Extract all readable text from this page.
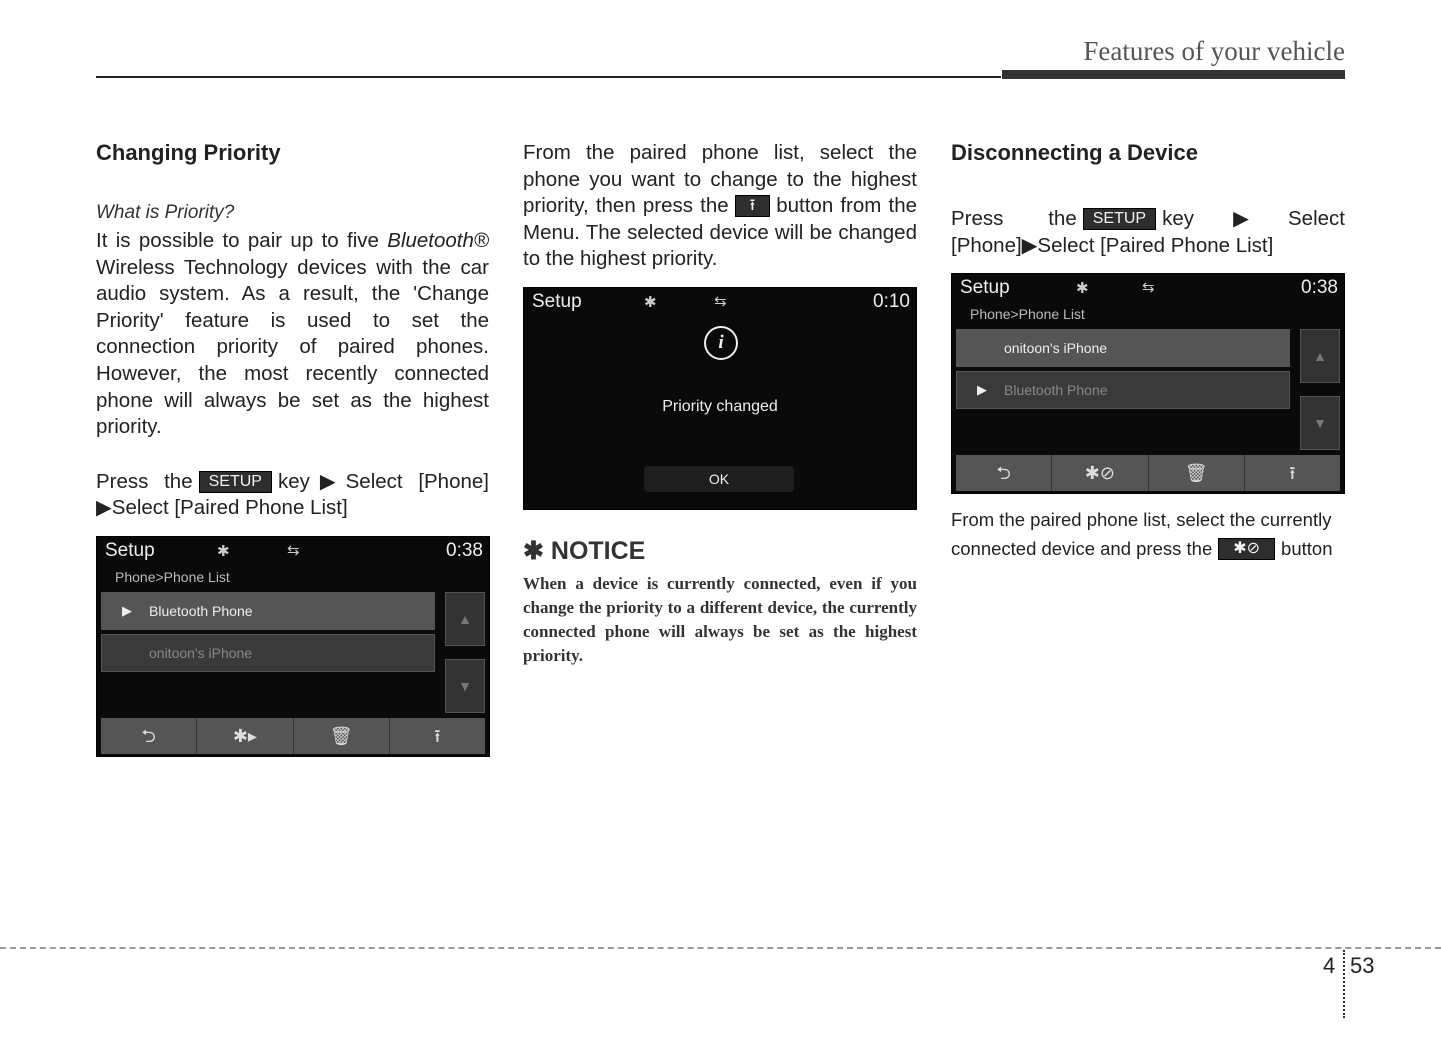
Features of your vehicle
Changing Priority
What is Priority?

It is possible to pair up to five Bluetooth® Wireless Technology devices with the car audio system. As a result, the 'Change Priority' feature is used to set the connection priority of paired phones. However, the most recently connected phone will always be set as the highest priority.

Press the SETUP key▶Select [Phone] ▶Select [Paired Phone List]

Setup	✱	⇆	0:38
Phone>Phone List
▶ Bluetooth Phone
onitoon's iPhone
▲
▼
⮌	✱▸	🗑	⭱

From the paired phone list, select the phone you want to change to the highest priority, then press the ⭱ button from the Menu. The selected device will be changed to the highest priority.

Setup	✱	⇆	0:10
i
Priority changed
OK
✱ NOTICE
When a device is currently connected, even if you change the priority to a different device, the currently connected phone will always be set as the highest priority.
Disconnecting a Device

Press the SETUP key▶Select [Phone]▶Select [Paired Phone List]

Setup	✱	⇆	0:38
Phone>Phone List
onitoon's iPhone
▶ Bluetooth Phone
▲
▼
⮌	✱⊘	🗑	⭱

From the paired phone list, select the currently connected device and press the ✱⊘ button

4 53
